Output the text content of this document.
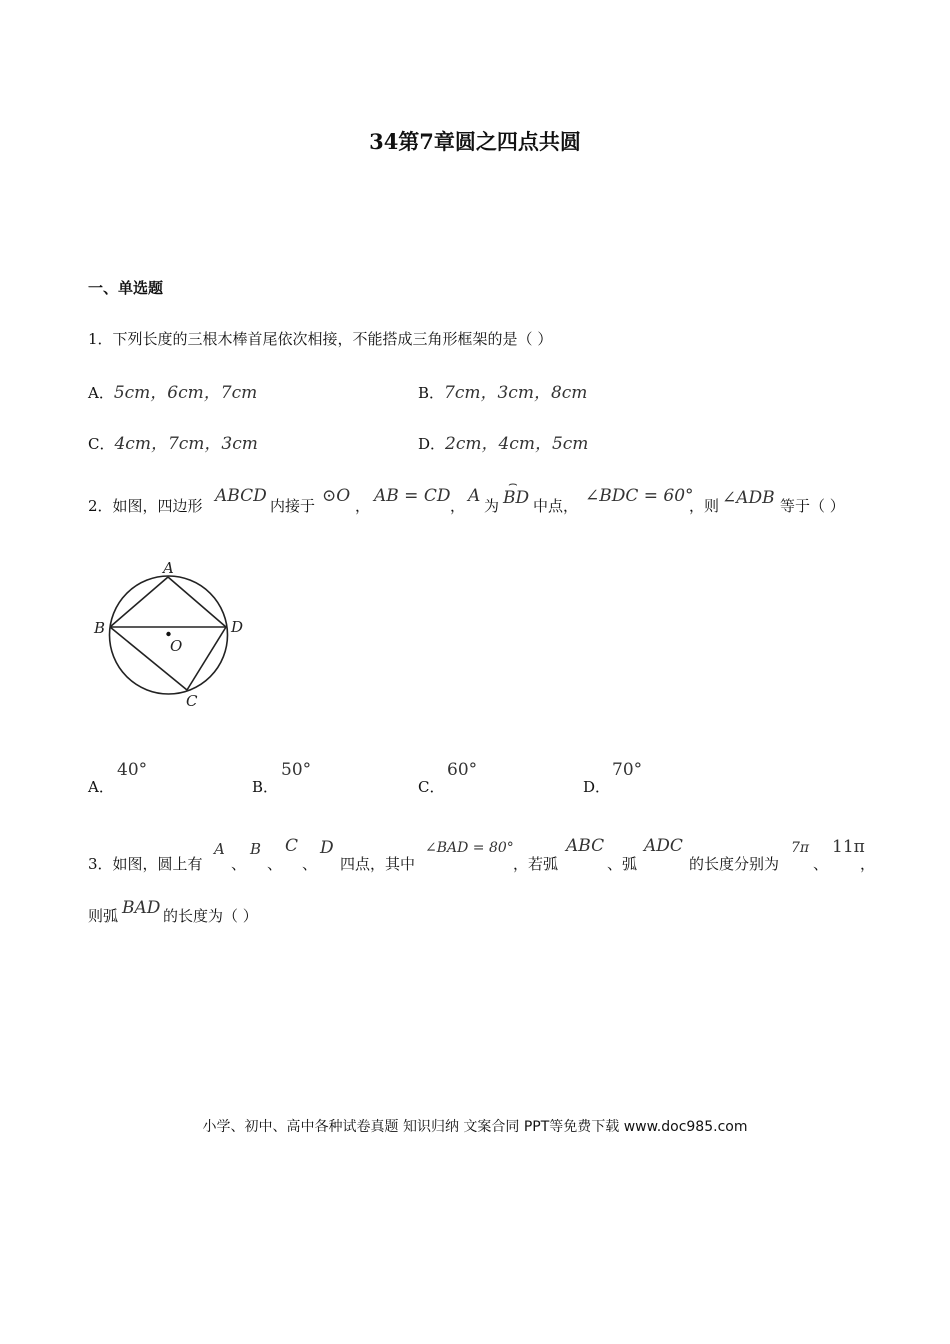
34第7章圆之四点共圆
一、单选题
1．下列长度的三根木棒首尾依次相接，不能搭成三角形框架的是（ ）
A．5cm，6cm，7cm	B．7cm，3cm，8cm
C．4cm，7cm，3cm	D．2cm，4cm，5cm
2．如图，四边形 ABCD 内接于 ⊙O ， AB = CD ， A 为
⌢
BD 中点， ∠BDC = 60°
，则 ∠ADB 等于（ ）
A
B	D
O
C
A．
40°
B．
50°
C．
60°
D．
70°
3．如图，圆上有
A
、
B
、
C
、
D
四点，其中
∠BAD = 80°
，若弧
ABC
、弧
ADC
的长度分别为
7π
、
11π
，
则弧 BAD 的长度为（ ）
小学、初中、高中各种试卷真题 知识归纳 文案合同 PPT等免费下载 www.doc985.com
